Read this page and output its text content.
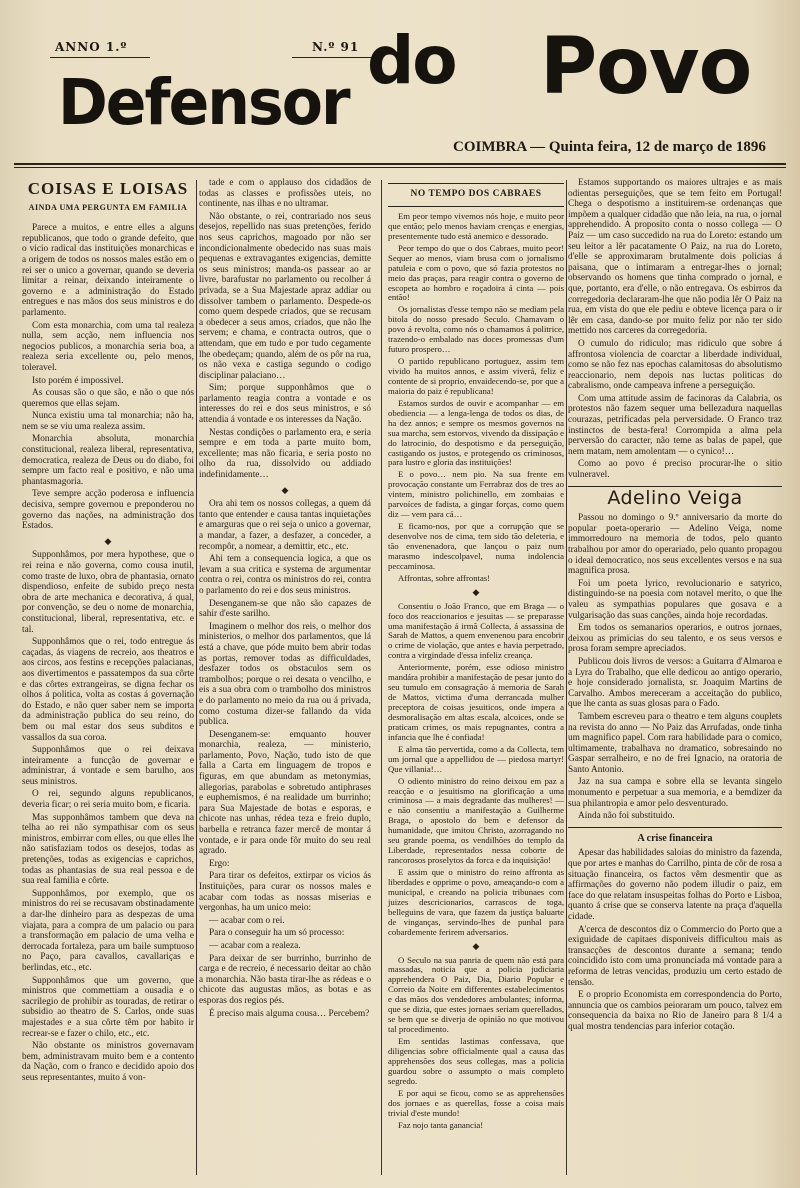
ANNO 1.º	N.º 91
Defensor
do Povo
COIMBRA — Quinta feira, 12 de março de 1896
COISAS E LOISAS
AINDA UMA PERGUNTA EM FAMILIA

Parece a muitos, e entre elles a alguns republicanos, que todo o grande defeito, que o vicio radical das instituições monarchicas e a origem de todos os nossos males estão em o rei ser o unico a governar, quando se deveria limitar a reinar, deixando inteiramente o governo e a administração do Estado entregues e nas mãos dos seus ministros e do parlamento.

Com esta monarchia, com uma tal realeza nulla, sem acção, nem influencia nos negocios publicos, a monarchia seria boa, a realeza seria excellente ou, pelo menos, toleravel.

Isto porém é impossivel.

As cousas são o que são, e não o que nós queremos que ellas sejam.

Nunca existiu uma tal monarchia; não ha, nem se se viu uma realeza assim.

Monarchia absoluta, monarchia constitucional, realeza liberal, representativa, democratica, realeza de Deus ou do diabo, foi sempre um facto real e positivo, e não uma phantasmagoria.

Teve sempre acção poderosa e influencia decisiva, sempre governou e preponderou no governo das nações, na administração dos Estados.

◆

Supponhâmos, por mera hypothese, que o rei reina e não governa, como cousa inutil, como traste de luxo, obra de phantasia, ornato dispendioso, enfeite de subido preço nesta obra de arte mechanica e decorativa, á qual, por convenção, se deu o nome de monarchia, constitucional, liberal, representativa, etc. e tal.

Supponhâmos que o rei, todo entregue ás caçadas, ás viagens de recreio, aos theatros e aos circos, aos festins e recepções palacianas, aos divertimentos e passatempos da sua côrte e das côrtes extrangeiras, se digna fechar os olhos á politica, volta as costas á governação do Estado, e não quer saber nem se importa da administração publica do seu reino, do bem ou mal estar dos seus subditos e vassallos da sua coroa.

Supponhâmos que o rei deixava inteiramente a funcção de governar e administrar, á vontade e sem barulho, aos seus ministros.

O rei, segundo alguns republicanos, deveria ficar; o rei seria muito bom, e ficaria.

Mas supponhâmos tambem que deva na telha ao rei não sympathisar com os seus ministros, embirrar com elles, ou que elles lhe não satisfaziam todos os desejos, todas as pretenções, todas as exigencias e caprichos, todas as phantasias de sua real pessoa e de sua real familia e côrte.

Supponhâmos, por exemplo, que os ministros do rei se recusavam obstinadamente a dar-lhe dinheiro para as despezas de uma viajata, para a compra de um palacio ou para a transformação em palacio de uma velha e derrocada fortaleza, para um baile sumptuoso no Paço, para cavallos, cavallariças e berlindas, etc., etc.

Supponhâmos que um governo, que ministros que commettiam a ousadia e o sacrilegio de prohibir as touradas, de retirar o subsidio ao theatro de S. Carlos, onde suas majestades e a sua côrte têm por habito ir recrear-se e fazer o chilo, etc., etc.

Não obstante os ministros governavam bem, administravam muito bem e a contento da Nação, com o franco e decidido apoio dos seus representantes, muito á von-

tade e com o applauso dos cidadãos de todas as classes e profissões uteis, no continente, nas ilhas e no ultramar.

Não obstante, o rei, contrariado nos seus desejos, repellido nas suas pretenções, ferido nos seus caprichos, magoado por não ser incondicionalmente obedecido nas suas mais pequenas e extravagantes exigencias, demitte os seus ministros; manda-os passear ao ar livre, barafustar no parlamento ou recolher á privada, se a Sua Majestade apraz addiar ou dissolver tambem o parlamento. Despede-os como quem despede criados, que se recusam a obedecer a seus amos, criados, que não lhe servem; e chama, e contracta outros, que o attendam, que em tudo e por tudo cegamente lhe obedeçam; quando, além de os pôr na rua, os não vexa e castiga segundo o codigo disciplinar palaciano…

Sim; porque supponhâmos que o parlamento reagia contra a vontade e os interesses do rei e dos seus ministros, e só attendia á vontade e os interesses da Nação.

Nestas condições o parlamento era, e seria sempre e em toda a parte muito bom, excellente; mas não ficaria, e seria posto no olho da rua, dissolvido ou addiado indefinidamente…

◆

Ora ahi tem os nossos collegas, a quem dá tanto que entender e causa tantas inquietações e amarguras que o rei seja o unico a governar, a mandar, a fazer, a desfazer, a conceder, a recompôr, a nomear, a demittir, etc., etc.

Ahi tem a consequencia logica, a que os levam a sua critica e systema de argumentar contra o rei, contra os ministros do rei, contra o parlamento do rei e dos seus ministros.

Desenganem-se que não são capazes de sahir d'este sarilho.

Imaginem o melhor dos reis, o melhor dos ministerios, o melhor dos parlamentos, que lá está a chave, que póde muito bem abrir todas as portas, remover todas as difficuldades, desfazer todos os obstaculos sem os trambolhos; porque o rei desata o vencilho, e eis a sua obra com o trambolho dos ministros e do parlamento no meio da rua ou á privada, como costuma dizer-se fallando da vida publica.

Desenganem-se: emquanto houver monarchia, realeza, — ministerio, parlamento, Povo, Nação, tudo isto de que falla a Carta em linguagem de tropos e figuras, em que abundam as metonymias, allegorias, parabolas e sobretudo antiphrases e euphemismos, é na realidade um burrinho; para Sua Majestade de botas e esporas, e chicote nas unhas, rédea teza e freio duplo, barbella e retranca fazer mercê de montar á vontade, e ir para onde fôr muito do seu real agrado.

Ergo:

Para tirar os defeitos, extirpar os vicios ás Instituições, para curar os nossos males e acabar com todas as nossas miserias e vergonhas, ha um unico meio:

— acabar com o rei.

Para o conseguir ha um só processo:

— acabar com a realeza.

Para deixar de ser burrinho, burrinho de carga e de recreio, é necessario deitar ao chão a monarchia. Não basta tirar-lhe as rédeas e o chicote das augustas mãos, as botas e as esporas dos regios pés.

É preciso mais alguma cousa… Percebem?

NO TEMPO DOS CABRAES

Em peor tempo vivemos nós hoje, e muito peor que então; pelo menos haviam crenças e energias, presentemente tudo está anemico e dessorado.

Peor tempo do que o dos Cabraes, muito peor! Sequer ao menos, viam brusa com o jornalismo patuleia e com o povo, que só fazia protestos no meio das praças, para reagir contra o governo de escopeta ao hombro e roçadoira á cinta — pois então!

Os jornalistas d'esse tempo não se mediam pela bitola do nosso presado Seculo. Chamavam o povo á revolta, como nós o chamamos á politrice, trazendo-o embalado nas doces promessas d'um futuro prospero…

O partido republicano portuguez, assim tem vivido ha muitos annos, e assim viverá, feliz e contente de si proprio, envaidecendo-se, por que a maioria do paiz é republicana!

Estamos surdos de ouvir e acompanhar — em obediencia — a lenga-lenga de todos os dias, de ha dez annos; e sempre os mesmos governos na sua marcha, sem estorvos, vivendo da dissipação e do latrocinio, do despotismo e da perseguição, castigando os justos, e protegendo os criminosos, para lustro e gloria das instituições!

E o povo… nem pio. Na sua frente em provocação constante um Ferrabraz dos de tres ao vintem, ministro polichinello, em zombaias e parvoíces de fadista, a gingar forças, como quem diz — vem para cá…

E ficamo-nos, por que a corrupção que se desenvolve nos de cima, tem sido tão deleteria, e tão envenenadora, que lançou o paiz num marasmo indescolpavel, numa indolencia peccaminosa.

Affrontas, sobre affrontas!

◆

Consentiu o João Franco, que em Braga — o foco dos reaccionarios e jesuitas — se preparasse uma manifestação á irmã Collecta, á assassina de Sarah de Mattos, a quem envenenou para encobrir o crime de violação, que antes e havia perpetrado, contra a virgindade d'essa infeliz creança.

Anteriormente, porém, esse odioso ministro mandára prohibir a manifestação de pesar junto do seu tumulo em consagração á memoria de Sarah de Mattos, victima d'uma derrancada mulher preceptora de coisas jesuiticos, onde impera a desmoralisação em altas escala, alcoices, onde se praticam crimes, os mais repugnantes, contra a infancia que lhe é confiada!

E alma tão pervertida, como a da Collecta, tem um jornal que a appellidou de — piedosa martyr! Que villania!…

O odiento ministro do reino deixou em paz a reacção e o jesuitismo na glorificação a uma criminosa — a mais degradante das mulheres! — e não consentiu a manifestação a Guilherme Braga, o apostolo do bem e defensor da humanidade, que imitou Christo, azorragando no seu grande poema, os vendilhões do templo da Liberdade, representados nessa coborte de rancorosos proselytos da forca e da inquisição!

E assim que o ministro do reino affronta as liberdades e opprime o povo, ameaçando-o com a municipal, e creando na policia tribunaes com juizes descricionarios, carrascos de toga, belleguins de vara, que fazem da justiça baluarte de vinganças, servindo-lhes de punhal para cobardemente ferirem adversarios.

◆

O Seculo na sua panria de quem não está para massadas, noticia que a policia judiciaria apprehendera O Paiz, Dia, Diario Popular e Correio da Noite em differentes estabelecimentos e das mãos dos vendedores ambulantes; informa, que se dizia, que estes jornaes seriam querellados, se bem que se diverja de opinião no que motivou tal procedimento.

Em sentidas lastimas confessava, que diligencias sobre officialmente qual a causa das apprehensões dos seus collegas, mas a policia guardou sobre o assumpto o mais completo segredo.

E por aqui se ficou, como se as apprehensões dos jornaes e as querellas, fosse a coisa mais trivial d'este mundo!

Faz nojo tanta ganancia!

Estamos supportando os maiores ultrajes e as mais odientas perseguições, que se tem feito em Portugal! Chega o despotismo a instituirem-se ordenanças que impõem a qualquer cidadão que não leia, na rua, o jornal apprehendido. A proposito conta o nosso collega — O Paiz — um caso succedido na rua do Loreto: estando um seu leitor a lêr pacatamente O Paiz, na rua do Loreto, d'elle se approximaram brutalmente dois policias á paisana, que o intimaram a entregar-lhes o jornal; observando os homens que tinha comprado o jornal, e que, portanto, era d'elle, o não entregava. Os esbirros da corregedoria declararam-lhe que não podia lêr O Paiz na rua, em vista do que ele pediu e obteve licença para o ir lêr em casa, dando-se por muito feliz por não ter sido mettido nos carceres da corregedoria.

O cumulo do ridiculo; mas ridiculo que sobre á affrontosa violencia de coarctar a liberdade individual, como se não fez nas epochas calamitosas do absolutismo reaccionario, nem depois nas luctas politicas do cabralismo, onde campeava infrene a perseguição.

Com uma attitude assim de facinoras da Calabria, os protestos não fazem sequer uma bellezadura naquellas courazas, petrificadas pela perversidade. O Franco traz instinctos de besta-fera! Corrompida a alma pela perversão do caracter, não teme as balas de papel, que nem matam, nem amolentam — o cynico!…

Como ao povo é preciso procurar-lhe o sitio vulneravel.

Adelino Veiga

Passou no domingo o 9.º anniversario da morte do popular poeta-operario — Adelino Veiga, nome immorredouro na memoria de todos, pelo quanto trabalhou por amor do operariado, pelo quanto propagou o ideal democratico, nos seus excellentes versos e na sua magnifica prosa.

Foi um poeta lyrico, revolucionario e satyrico, distinguindo-se na poesia com notavel merito, o que lhe valeu as sympathias populares que gosava e a vulgarisação das suas canções, ainda hoje recordadas.

Em todos os semanarios operarios, e outros jornaes, deixou as primicias do seu talento, e os seus versos e prosa foram sempre apreciados.

Publicou dois livros de versos: a Guitarra d'Almaroa e a Lyra do Trabalho, que elle dedicou ao antigo operario, e hoje considerado jornalista, sr. Joaquim Martins de Carvalho. Ambos mereceram a acceitação do publico, que lhe canta as suas glosas para o Fado.

Tambem escreveu para o theatro e tem alguns couplets na revista do anno — No Paiz das Arrufadas, onde tinha um magnifico papel. Com rara habilidade para o comico, ultimamente, trabalhava no dramatico, sobresaindo no Gaspar serralheiro, e no de frei Ignacio, na oratoria de Santo Antonio.

Jaz na sua campa e sobre ella se levanta singelo monumento e perpetuar a sua memoria, e a bemdizer da sua philantropia e amor pelo desventurado.

Ainda não foi substituido.

A crise financeira

Apesar das habilidades saloias do ministro da fazenda, que por artes e manhas do Carrilho, pinta de côr de rosa a situação financeira, os factos vêm desmentir que as affirmações do governo não podem illudir o paiz, em face do que relatam insuspeitas folhas do Porto e Lisboa, quanto á crise que se conserva latente na praça d'aquella cidade.

A'cerca de descontos diz o Commercio do Porto que a exiguidade de capitaes disponiveis difficultou mais as transacções de descontos durante a semana; tendo coincidido isto com uma pronunciada má vontade para a reforma de letras vencidas, produziu um certo estado de tensão.

E o proprio Economista em correspondencia do Porto, annuncia que os cambios peioraram um pouco, talvez em consequencia da baixa no Rio de Janeiro para 8 1/4 a qual mostra tendencias para inferior cotação.
